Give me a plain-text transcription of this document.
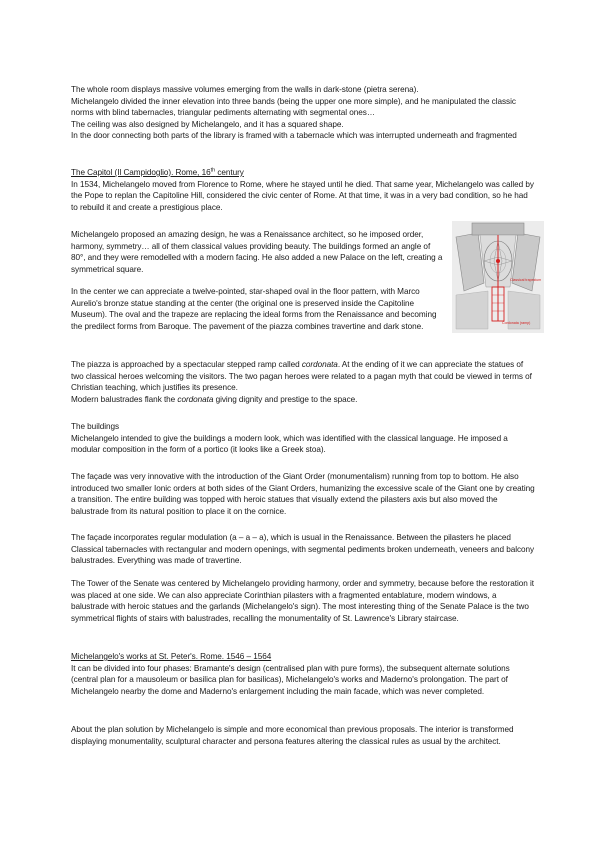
The whole room displays massive volumes emerging from the walls in dark-stone (pietra serena).

Michelangelo divided the inner elevation into three bands (being the upper one more simple), and he manipulated the classic norms with blind tabernacles, triangular pediments alternating with segmental ones…

The ceiling was also designed by Michelangelo, and it has a squared shape.

In the door connecting both parts of the library is framed with a tabernacle which was interrupted underneath and fragmented

The Capitol (Il Campidoglio). Rome, 16th century

In 1534, Michelangelo moved from Florence to Rome, where he stayed until he died. That same year, Michelangelo was called by the Pope to replan the Capitoline Hill, considered the civic center of Rome. At that time, it was in a very bad condition, so he had to rebuild it and create a prestigious place.

Michelangelo proposed an amazing design, he was a Renaissance architect, so he imposed order, harmony, symmetry… all of them classical values providing beauty. The buildings formed an angle of 80°, and they were remodelled with a modern facing. He also added a new Palace on the left, creating a symmetrical square.

Classical trapezium
Cordonata (ramp)

In the center we can appreciate a twelve-pointed, star-shaped oval in the floor pattern, with Marco Aurelio's bronze statue standing at the center (the original one is preserved inside the Capitoline Museum). The oval and the trapeze are replacing the ideal forms from the Renaissance and becoming the predilect forms from Baroque. The pavement of the piazza combines travertine and dark stone.

The piazza is approached by a spectacular stepped ramp called cordonata. At the ending of it we can appreciate the statues of two classical heroes welcoming the visitors. The two pagan heroes were related to a pagan myth that could be viewed in terms of Christian teaching, which justifies its presence.

Modern balustrades flank the cordonata giving dignity and prestige to the space.

The buildings

Michelangelo intended to give the buildings a modern look, which was identified with the classical language. He imposed a modular composition in the form of a portico (it looks like a Greek stoa).

The façade was very innovative with the introduction of the Giant Order (monumentalism) running from top to bottom. He also introduced two smaller Ionic orders at both sides of the Giant Orders, humanizing the excessive scale of the Giant one by creating a transition. The entire building was topped with heroic statues that visually extend the pilasters axis but also moved the balustrade from its natural position to place it on the cornice.

The façade incorporates regular modulation (a – a – a), which is usual in the Renaissance. Between the pilasters he placed Classical tabernacles with rectangular and modern openings, with segmental pediments broken underneath, veneers and balcony balustrades. Everything was made of travertine.

The Tower of the Senate was centered by Michelangelo providing harmony, order and symmetry, because before the restoration it was placed at one side. We can also appreciate Corinthian pilasters with a fragmented entablature, modern windows, a balustrade with heroic statues and the garlands (Michelangelo's sign). The most interesting thing of the Senate Palace is the two symmetrical flights of stairs with balustrades, recalling the monumentality of St. Lawrence's Library staircase.

Michelangelo's works at St. Peter's. Rome. 1546 – 1564

It can be divided into four phases: Bramante's design (centralised plan with pure forms), the subsequent alternate solutions (central plan for a mausoleum or basilica plan for basilicas), Michelangelo's works and Maderno's prolongation. The part of Michelangelo nearby the dome and Maderno's enlargement including the main facade, which was never completed.

About the plan solution by Michelangelo is simple and more economical than previous proposals. The interior is transformed displaying monumentality, sculptural character and persona features altering the classical rules as usual by the architect.
